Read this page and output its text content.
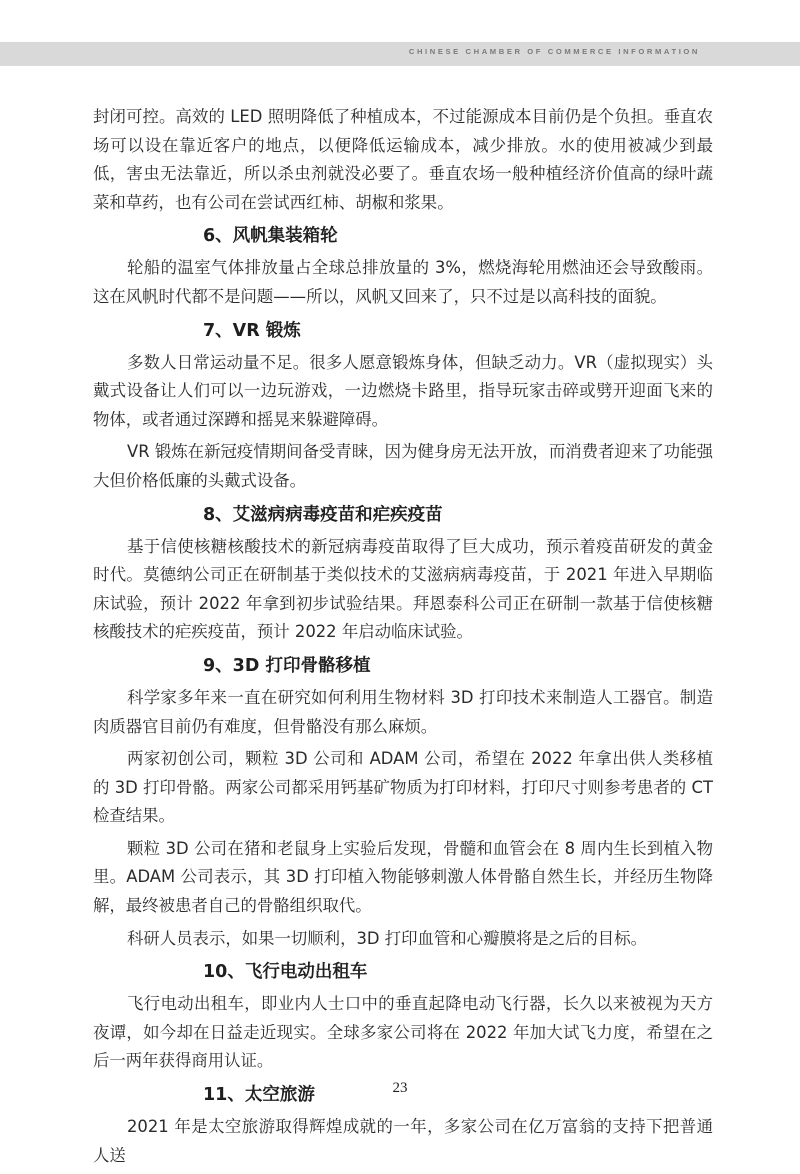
CHINESE CHAMBER OF COMMERCE INFORMATION

封闭可控。高效的 LED 照明降低了种植成本，不过能源成本目前仍是个负担。垂直农场可以设在靠近客户的地点，以便降低运输成本，减少排放。水的使用被减少到最低，害虫无法靠近，所以杀虫剂就没必要了。垂直农场一般种植经济价值高的绿叶蔬菜和草药，也有公司在尝试西红柿、胡椒和浆果。

6、风帆集装箱轮

轮船的温室气体排放量占全球总排放量的 3%，燃烧海轮用燃油还会导致酸雨。这在风帆时代都不是问题——所以，风帆又回来了，只不过是以高科技的面貌。

7、VR 锻炼

多数人日常运动量不足。很多人愿意锻炼身体，但缺乏动力。VR（虚拟现实）头戴式设备让人们可以一边玩游戏，一边燃烧卡路里，指导玩家击碎或劈开迎面飞来的物体，或者通过深蹲和摇晃来躲避障碍。

VR 锻炼在新冠疫情期间备受青睐，因为健身房无法开放，而消费者迎来了功能强大但价格低廉的头戴式设备。

8、艾滋病病毒疫苗和疟疾疫苗

基于信使核糖核酸技术的新冠病毒疫苗取得了巨大成功，预示着疫苗研发的黄金时代。莫德纳公司正在研制基于类似技术的艾滋病病毒疫苗，于 2021 年进入早期临床试验，预计 2022 年拿到初步试验结果。拜恩泰科公司正在研制一款基于信使核糖核酸技术的疟疾疫苗，预计 2022 年启动临床试验。

9、3D 打印骨骼移植

科学家多年来一直在研究如何利用生物材料 3D 打印技术来制造人工器官。制造肉质器官目前仍有难度，但骨骼没有那么麻烦。

两家初创公司，颗粒 3D 公司和 ADAM 公司，希望在 2022 年拿出供人类移植的 3D 打印骨骼。两家公司都采用钙基矿物质为打印材料，打印尺寸则参考患者的 CT 检查结果。

颗粒 3D 公司在猪和老鼠身上实验后发现，骨髓和血管会在 8 周内生长到植入物里。ADAM 公司表示，其 3D 打印植入物能够刺激人体骨骼自然生长，并经历生物降解，最终被患者自己的骨骼组织取代。

科研人员表示，如果一切顺利，3D 打印血管和心瓣膜将是之后的目标。

10、飞行电动出租车

飞行电动出租车，即业内人士口中的垂直起降电动飞行器，长久以来被视为天方夜谭，如今却在日益走近现实。全球多家公司将在 2022 年加大试飞力度，希望在之后一两年获得商用认证。

11、太空旅游

2021 年是太空旅游取得辉煌成就的一年，多家公司在亿万富翁的支持下把普通人送

23
